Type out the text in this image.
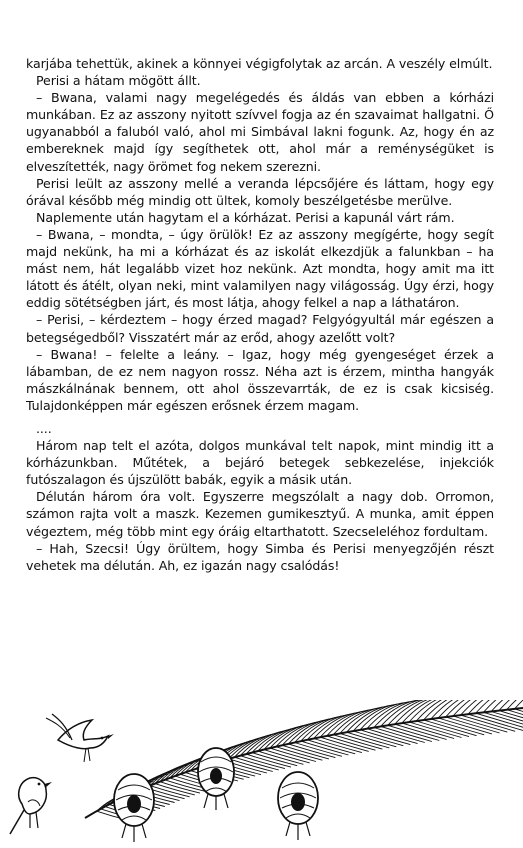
karjába tehettük, akinek a könnyei végigfolytak az arcán. A veszély elmúlt.

Perisi a hátam mögött állt.

– Bwana, valami nagy megelégedés és áldás van ebben a kórházi munkában. Ez az asszony nyitott szívvel fogja az én szavaimat hallgatni. Ő ugyanabból a faluból való, ahol mi Simbával lakni fogunk. Az, hogy én az embereknek majd így segíthetek ott, ahol már a reménységüket is elveszítették, nagy örömet fog nekem szerezni.

Perisi leült az asszony mellé a veranda lépcsőjére és láttam, hogy egy órával később még mindig ott ültek, komoly beszélgetésbe merülve.

Naplemente után hagytam el a kórházat. Perisi a kapunál várt rám.

– Bwana, – mondta, – úgy örülök! Ez az asszony megígérte, hogy segít majd nekünk, ha mi a kórházat és az iskolát elkezdjük a falunkban – ha mást nem, hát legalább vizet hoz nekünk. Azt mondta, hogy amit ma itt látott és átélt, olyan neki, mint valamilyen nagy világosság. Úgy érzi, hogy eddig sötétségben járt, és most látja, ahogy felkel a nap a láthatáron.

– Perisi, – kérdeztem – hogy érzed magad? Felgyógyultál már egészen a betegségedből? Visszatért már az erőd, ahogy azelőtt volt?

– Bwana! – felelte a leány. – Igaz, hogy még gyengeséget érzek a lábamban, de ez nem nagyon rossz. Néha azt is érzem, mintha hangyák mászkálnának bennem, ott ahol összevarrták, de ez is csak kicsiség. Tulajdonképpen már egészen erősnek érzem magam.

....

Három nap telt el azóta, dolgos munkával telt napok, mint mindig itt a kórházunkban. Műtétek, a bejáró betegek sebkezelése, injekciók futószalagon és újszülött babák, egyik a másik után.

Délután három óra volt. Egyszerre megszólalt a nagy dob. Orromon, számon rajta volt a maszk. Kezemen gumikesztyű. A munka, amit éppen végeztem, még több mint egy óráig eltarthatott. Szecseleléhoz fordultam.

– Hah, Szecsi! Úgy örültem, hogy Simba és Perisi menyegzőjén részt vehetek ma délután. Ah, ez igazán nagy csalódás!
